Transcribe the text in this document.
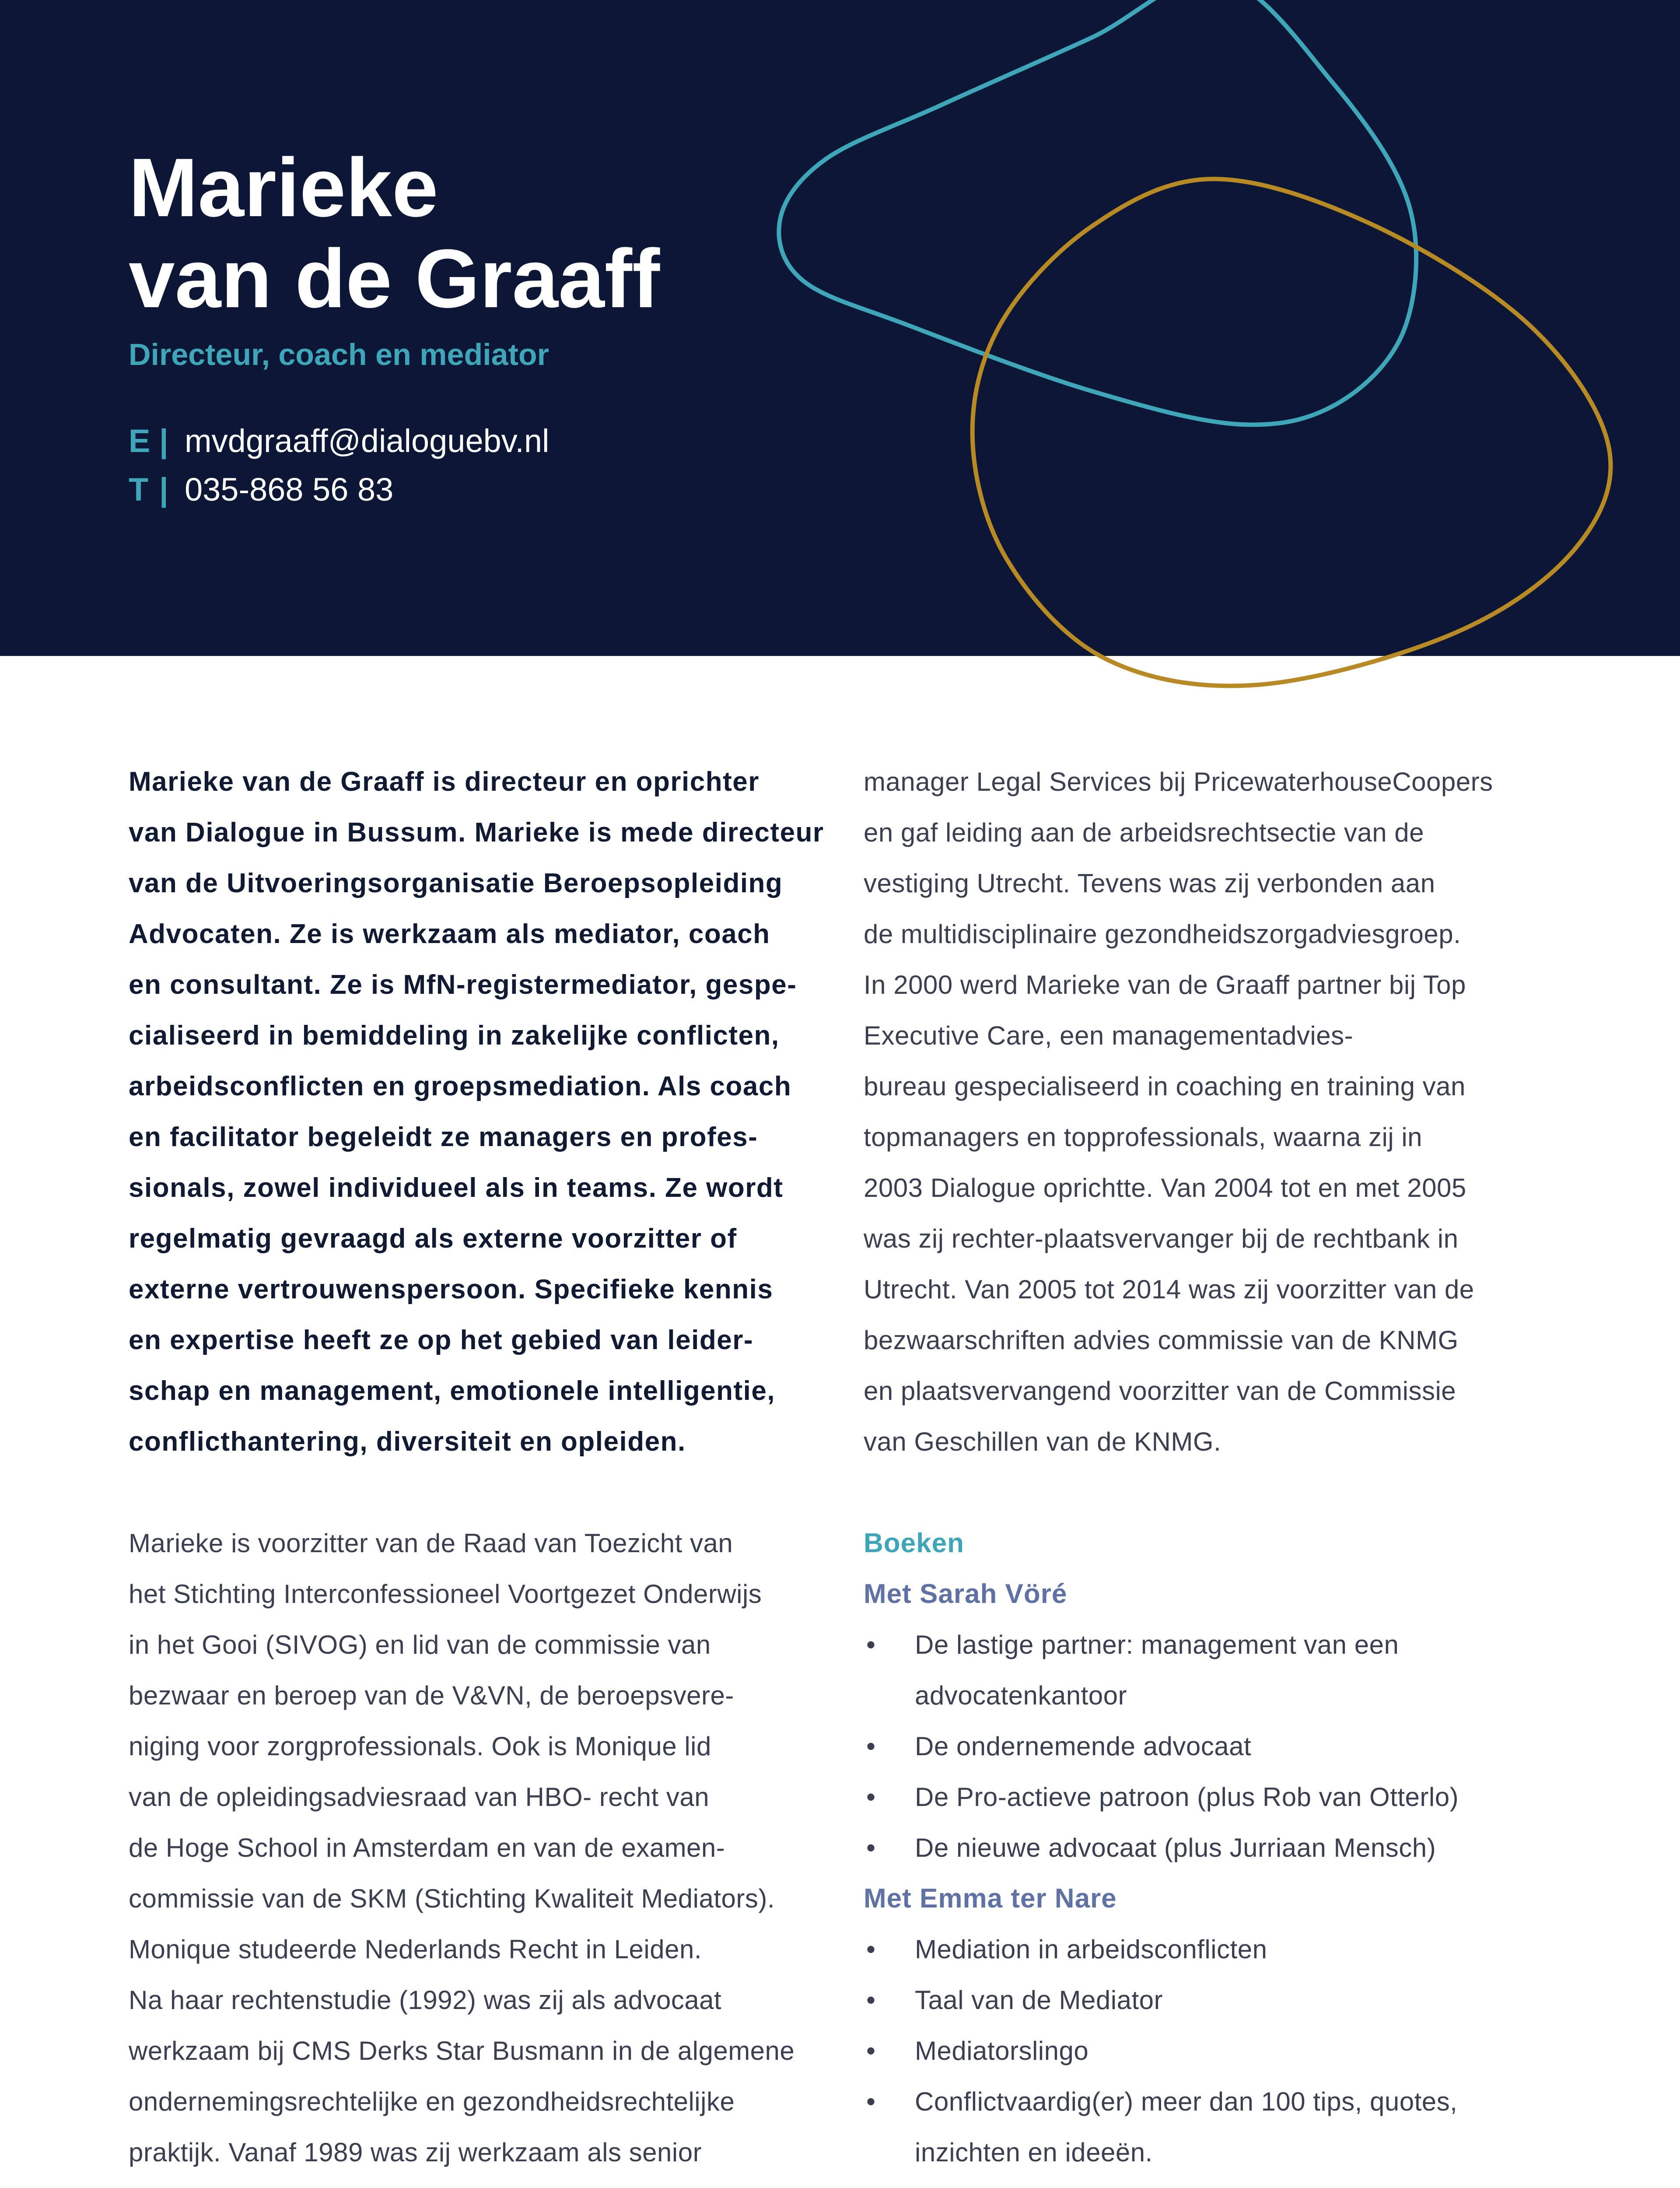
Marieke
van de Graaff
Directeur, coach en mediator
E | mvdgraaff@dialoguebv.nl
T | 035-868 56 83
Marieke van de Graaff is directeur en oprichter
van Dialogue in Bussum. Marieke is mede directeur
van de Uitvoeringsorganisatie Beroepsopleiding
Advocaten. Ze is werkzaam als mediator, coach
en consultant. Ze is MfN-registermediator, gespe-
cialiseerd in bemiddeling in zakelijke conflicten,
arbeidsconflicten en groepsmediation. Als coach
en facilitator begeleidt ze managers en profes-
sionals, zowel individueel als in teams. Ze wordt
regelmatig gevraagd als externe voorzitter of
externe vertrouwenspersoon. Specifieke kennis
en expertise heeft ze op het gebied van leider-
schap en management, emotionele intelligentie,
conflicthantering, diversiteit en opleiden.
Marieke is voorzitter van de Raad van Toezicht van
het Stichting Interconfessioneel Voortgezet Onderwijs
in het Gooi (SIVOG) en lid van de commissie van
bezwaar en beroep van de V&VN, de beroepsvere-
niging voor zorgprofessionals. Ook is Monique lid
van de opleidingsadviesraad van HBO- recht van
de Hoge School in Amsterdam en van de examen-
commissie van de SKM (Stichting Kwaliteit Mediators).
Monique studeerde Nederlands Recht in Leiden.
Na haar rechtenstudie (1992) was zij als advocaat
werkzaam bij CMS Derks Star Busmann in de algemene
ondernemingsrechtelijke en gezondheidsrechtelijke
praktijk. Vanaf 1989 was zij werkzaam als senior
manager Legal Services bij PricewaterhouseCoopers
en gaf leiding aan de arbeidsrechtsectie van de
vestiging Utrecht. Tevens was zij verbonden aan
de multidisciplinaire gezondheidszorgadviesgroep.
In 2000 werd Marieke van de Graaff partner bij Top
Executive Care, een managementadvies-
bureau gespecialiseerd in coaching en training van
topmanagers en topprofessionals, waarna zij in
2003 Dialogue oprichtte. Van 2004 tot en met 2005
was zij rechter-plaatsvervanger bij de rechtbank in
Utrecht. Van 2005 tot 2014 was zij voorzitter van de
bezwaarschriften advies commissie van de KNMG
en plaatsvervangend voorzitter van de Commissie
van Geschillen van de KNMG.
Boeken
Met Sarah Vöré
• De lastige partner: management van een
advocatenkantoor
• De ondernemende advocaat
• De Pro-actieve patroon (plus Rob van Otterlo)
• De nieuwe advocaat (plus Jurriaan Mensch)
Met Emma ter Nare
• Mediation in arbeidsconflicten
• Taal van de Mediator
• Mediatorslingo
• Conflictvaardig(er) meer dan 100 tips, quotes,
inzichten en ideeën.
